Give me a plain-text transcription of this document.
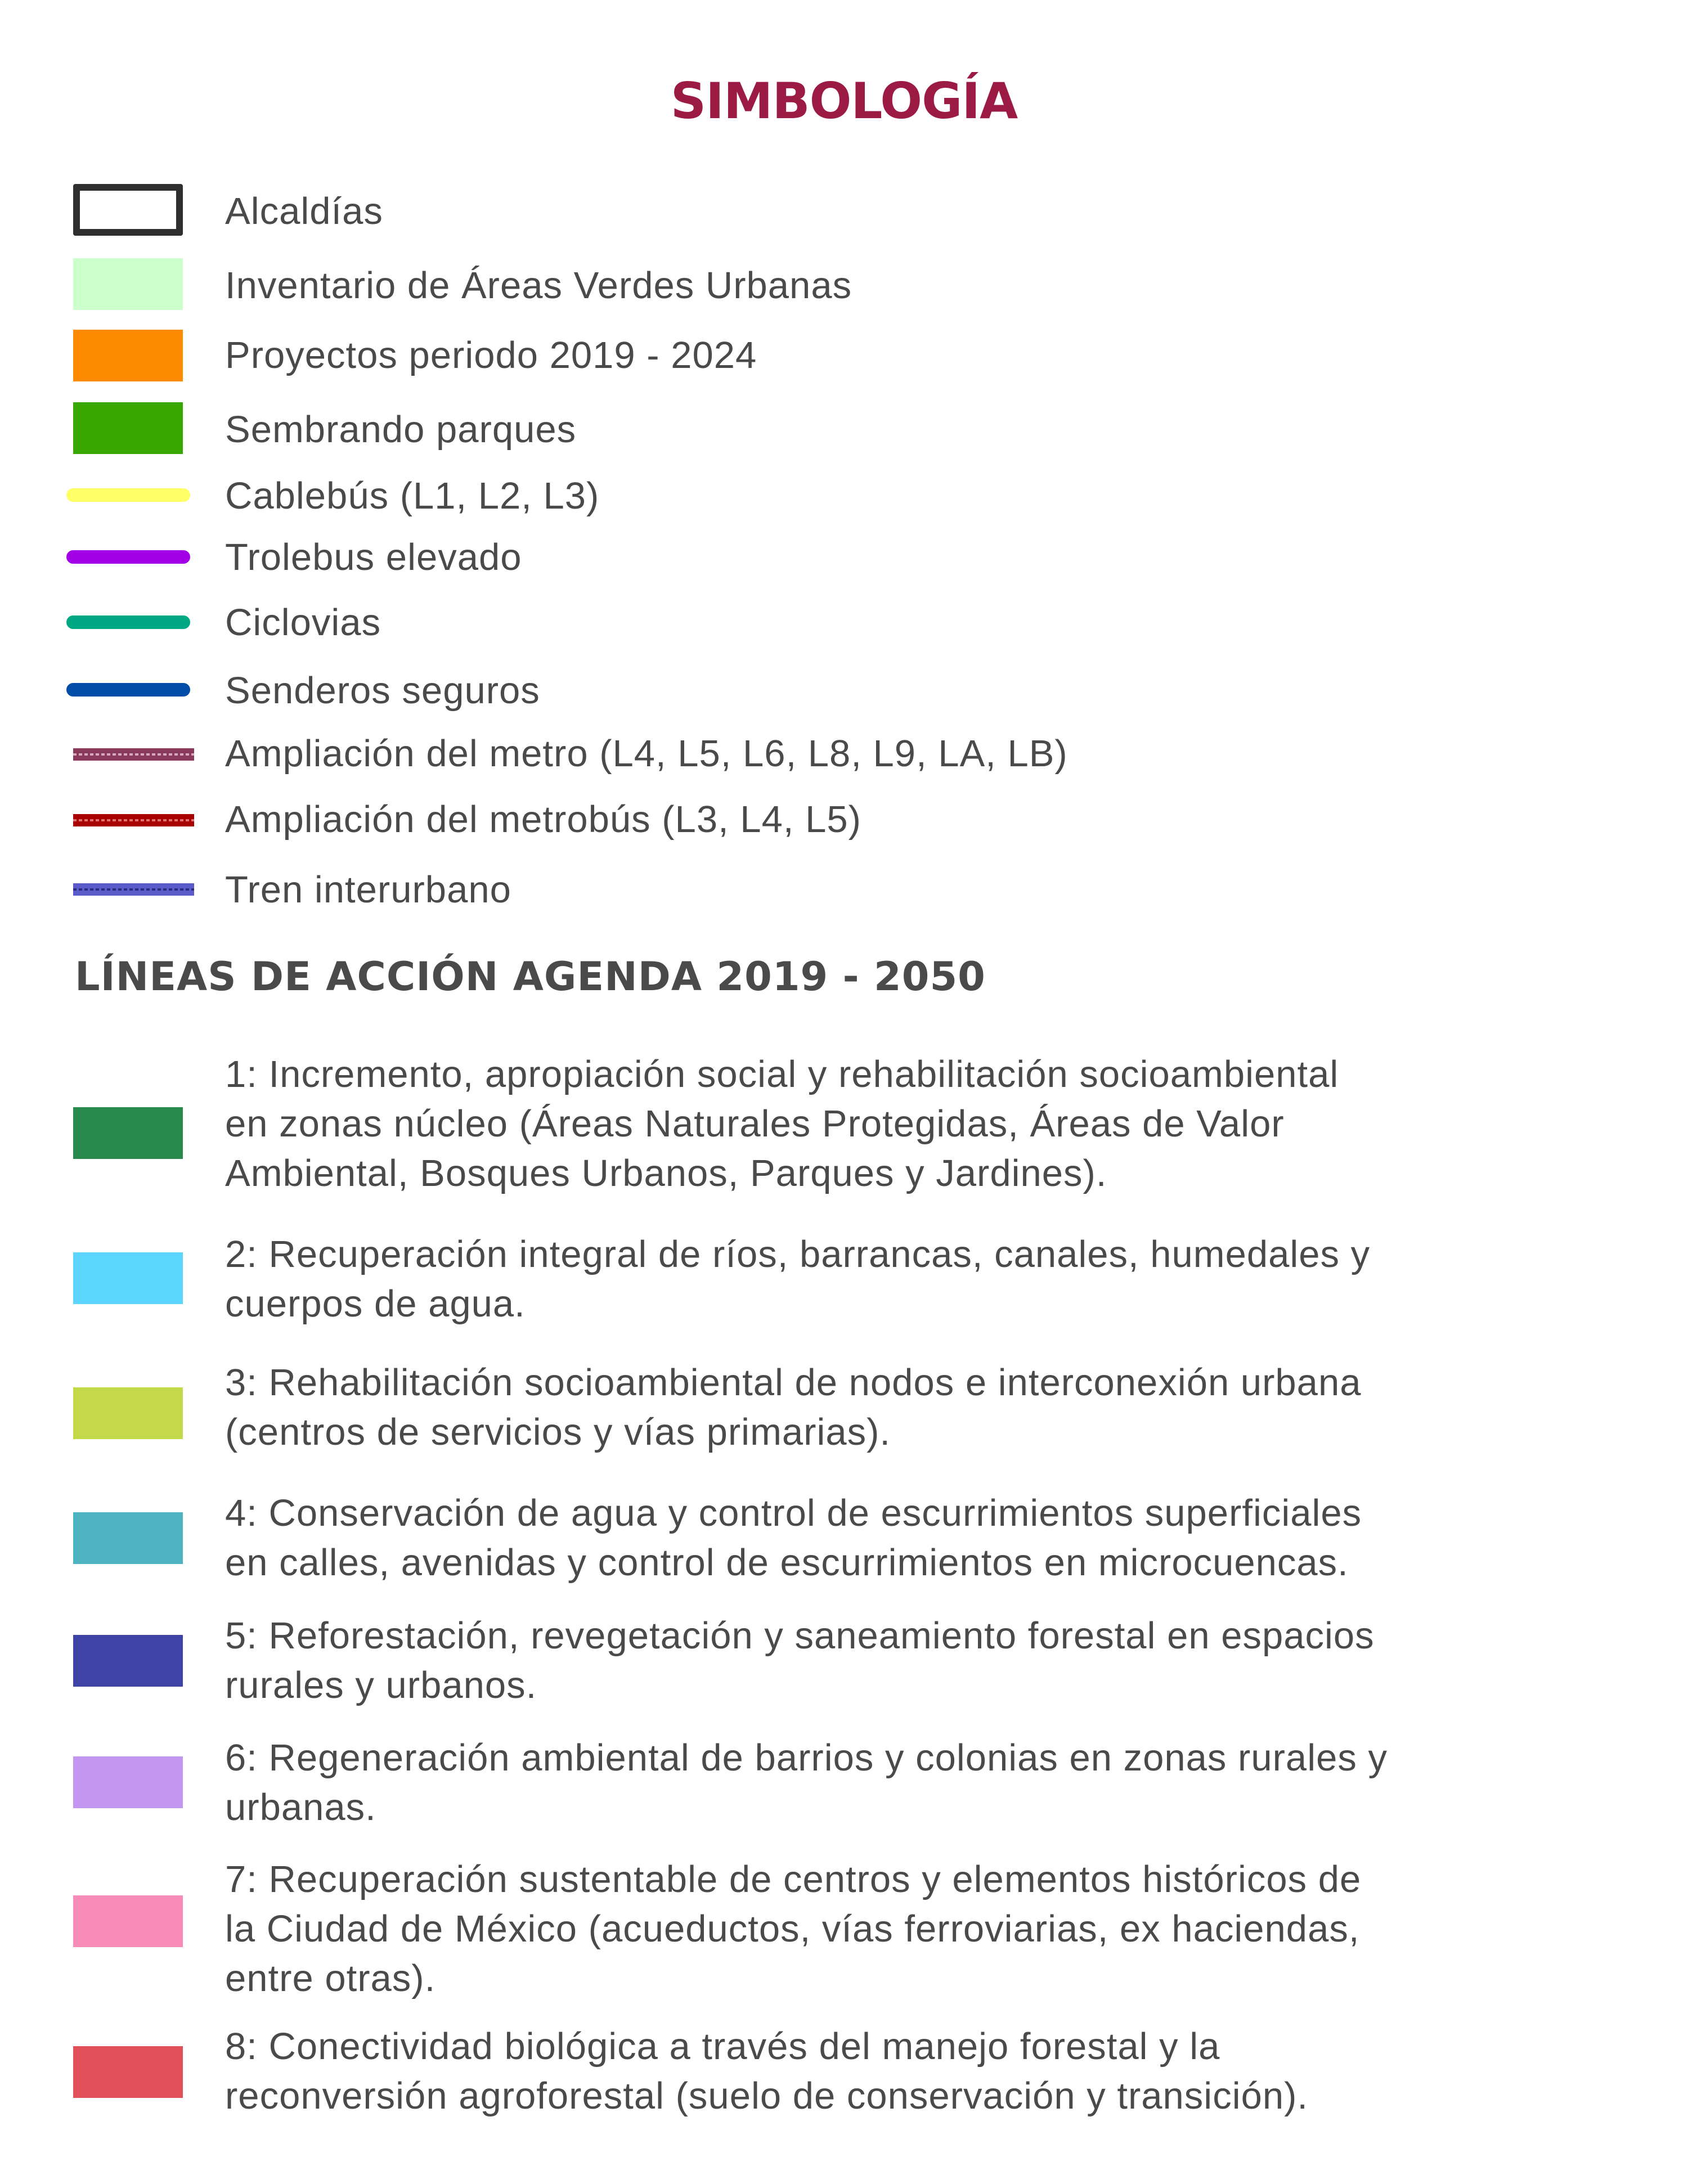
SIMBOLOGÍA
Alcaldías
Inventario de Áreas Verdes Urbanas
Proyectos periodo 2019 - 2024
Sembrando parques
Cablebús (L1, L2, L3)
Trolebus elevado
Ciclovias
Senderos seguros
Ampliación del metro (L4, L5, L6, L8, L9, LA, LB)
Ampliación del metrobús (L3, L4, L5)
Tren interurbano
LÍNEAS DE ACCIÓN AGENDA 2019 - 2050
1: Incremento, apropiación social y rehabilitación socioambiental
en zonas núcleo (Áreas Naturales Protegidas, Áreas de Valor
Ambiental, Bosques Urbanos, Parques y Jardines).
2: Recuperación integral de ríos, barrancas, canales, humedales y
cuerpos de agua.
3: Rehabilitación socioambiental de nodos e interconexión urbana
(centros de servicios y vías primarias).
4: Conservación de agua y control de escurrimientos superficiales
en calles, avenidas y control de escurrimientos en microcuencas.
5: Reforestación, revegetación y saneamiento forestal en espacios
rurales y urbanos.
6: Regeneración ambiental de barrios y colonias en zonas rurales y
urbanas.
7: Recuperación sustentable de centros y elementos históricos de
la Ciudad de México (acueductos, vías ferroviarias, ex haciendas,
entre otras).
8: Conectividad biológica a través del manejo forestal y la
reconversión agroforestal (suelo de conservación y transición).
